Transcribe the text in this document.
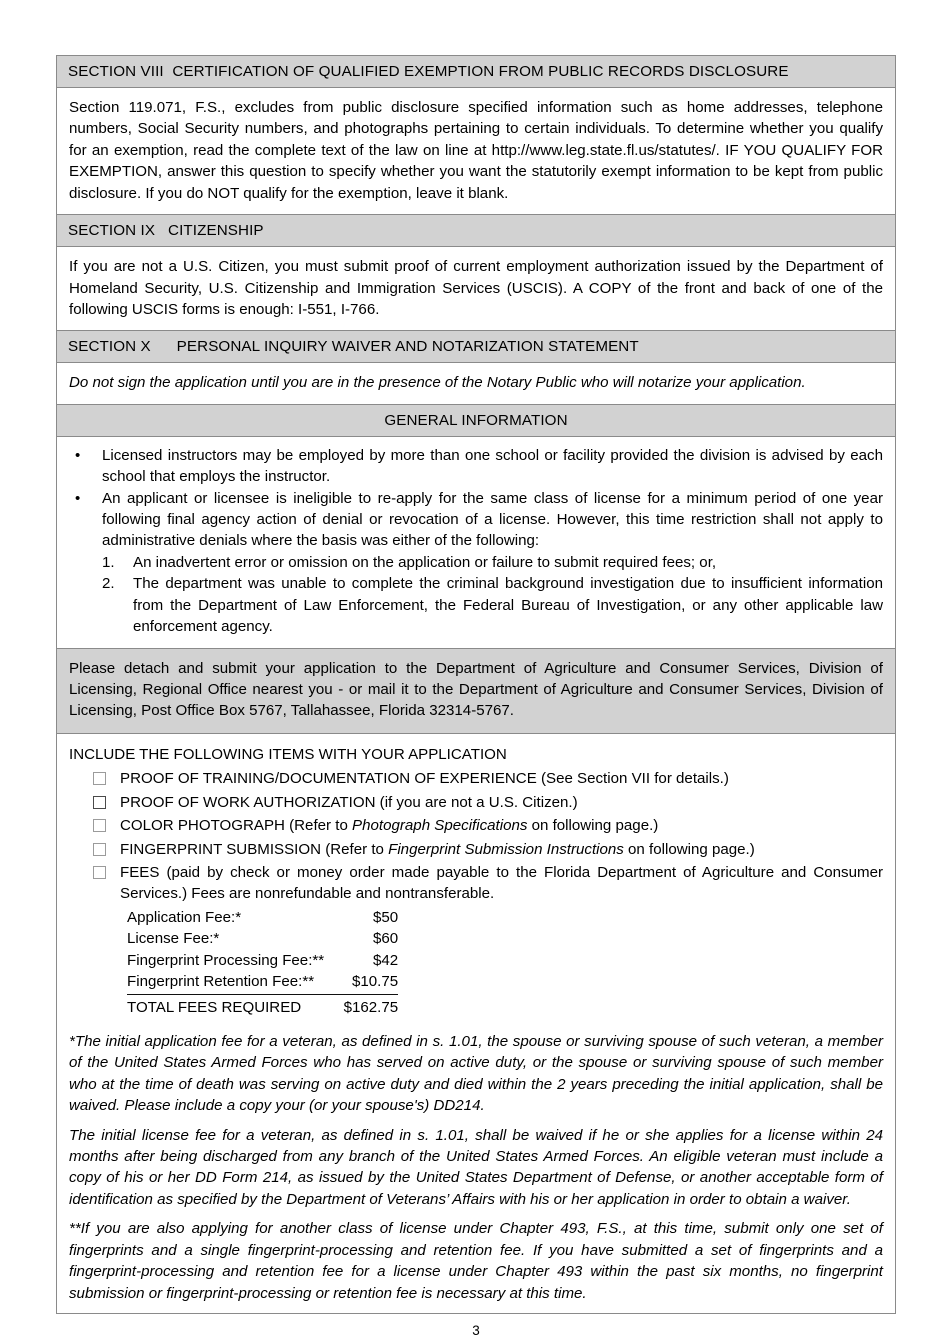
SECTION VIII  CERTIFICATION OF QUALIFIED EXEMPTION FROM PUBLIC RECORDS DISCLOSURE
Section 119.071, F.S., excludes from public disclosure specified information such as home addresses, telephone numbers, Social Security numbers, and photographs pertaining to certain individuals. To determine whether you qualify for an exemption, read the complete text of the law on line at http://www.leg.state.fl.us/statutes/. IF YOU QUALIFY FOR EXEMPTION, answer this question to specify whether you want the statutorily exempt information to be kept from public disclosure. If you do NOT qualify for the exemption, leave it blank.
SECTION IX   CITIZENSHIP
If you are not a U.S. Citizen, you must submit proof of current employment authorization issued by the Department of Homeland Security, U.S. Citizenship and Immigration Services (USCIS). A COPY of the front and back of one of the following USCIS forms is enough: I-551, I-766.
SECTION X      PERSONAL INQUIRY WAIVER AND NOTARIZATION STATEMENT
Do not sign the application until you are in the presence of the Notary Public who will notarize your application.
GENERAL INFORMATION
•	Licensed instructors may be employed by more than one school or facility provided the division is advised by each school that employs the instructor.
•	An applicant or licensee is ineligible to re-apply for the same class of license for a minimum period of one year following final agency action of denial or revocation of a license. However, this time restriction shall not apply to administrative denials where the basis was either of the following:
1.	An inadvertent error or omission on the application or failure to submit required fees; or,
2.	The department was unable to complete the criminal background investigation due to insufficient information from the Department of Law Enforcement, the Federal Bureau of Investigation, or any other applicable law enforcement agency.
Please detach and submit your application to the Department of Agriculture and Consumer Services, Division of Licensing, Regional Office nearest you - or mail it to the Department of Agriculture and Consumer Services, Division of Licensing, Post Office Box 5767, Tallahassee, Florida 32314-5767.
INCLUDE THE FOLLOWING ITEMS WITH YOUR APPLICATION
PROOF OF TRAINING/DOCUMENTATION OF EXPERIENCE (See Section VII for details.)
PROOF OF WORK AUTHORIZATION (if you are not a U.S. Citizen.)
COLOR PHOTOGRAPH (Refer to Photograph Specifications on following page.)
FINGERPRINT SUBMISSION (Refer to Fingerprint Submission Instructions on following page.)
FEES (paid by check or money order made payable to the Florida Department of Agriculture and Consumer Services.) Fees are nonrefundable and nontransferable.
Application Fee:*	$50
License Fee:*	$60
Fingerprint Processing Fee:**	$42
Fingerprint Retention Fee:**	$10.75
TOTAL FEES REQUIRED	$162.75

*The initial application fee for a veteran, as defined in s. 1.01, the spouse or surviving spouse of such veteran, a member of the United States Armed Forces who has served on active duty, or the spouse or surviving spouse of such member who at the time of death was serving on active duty and died within the 2 years preceding the initial application, shall be waived. Please include a copy your (or your spouse's) DD214.

The initial license fee for a veteran, as defined in s. 1.01, shall be waived if he or she applies for a license within 24 months after being discharged from any branch of the United States Armed Forces. An eligible veteran must include a copy of his or her DD Form 214, as issued by the United States Department of Defense, or another acceptable form of identification as specified by the Department of Veterans’ Affairs with his or her application in order to obtain a waiver.

**If you are also applying for another class of license under Chapter 493, F.S., at this time, submit only one set of fingerprints and a single fingerprint-processing and retention fee. If you have submitted a set of fingerprints and a fingerprint-processing and retention fee for a license under Chapter 493 within the past six months, no fingerprint submission or fingerprint-processing or retention fee is necessary at this time.

3
